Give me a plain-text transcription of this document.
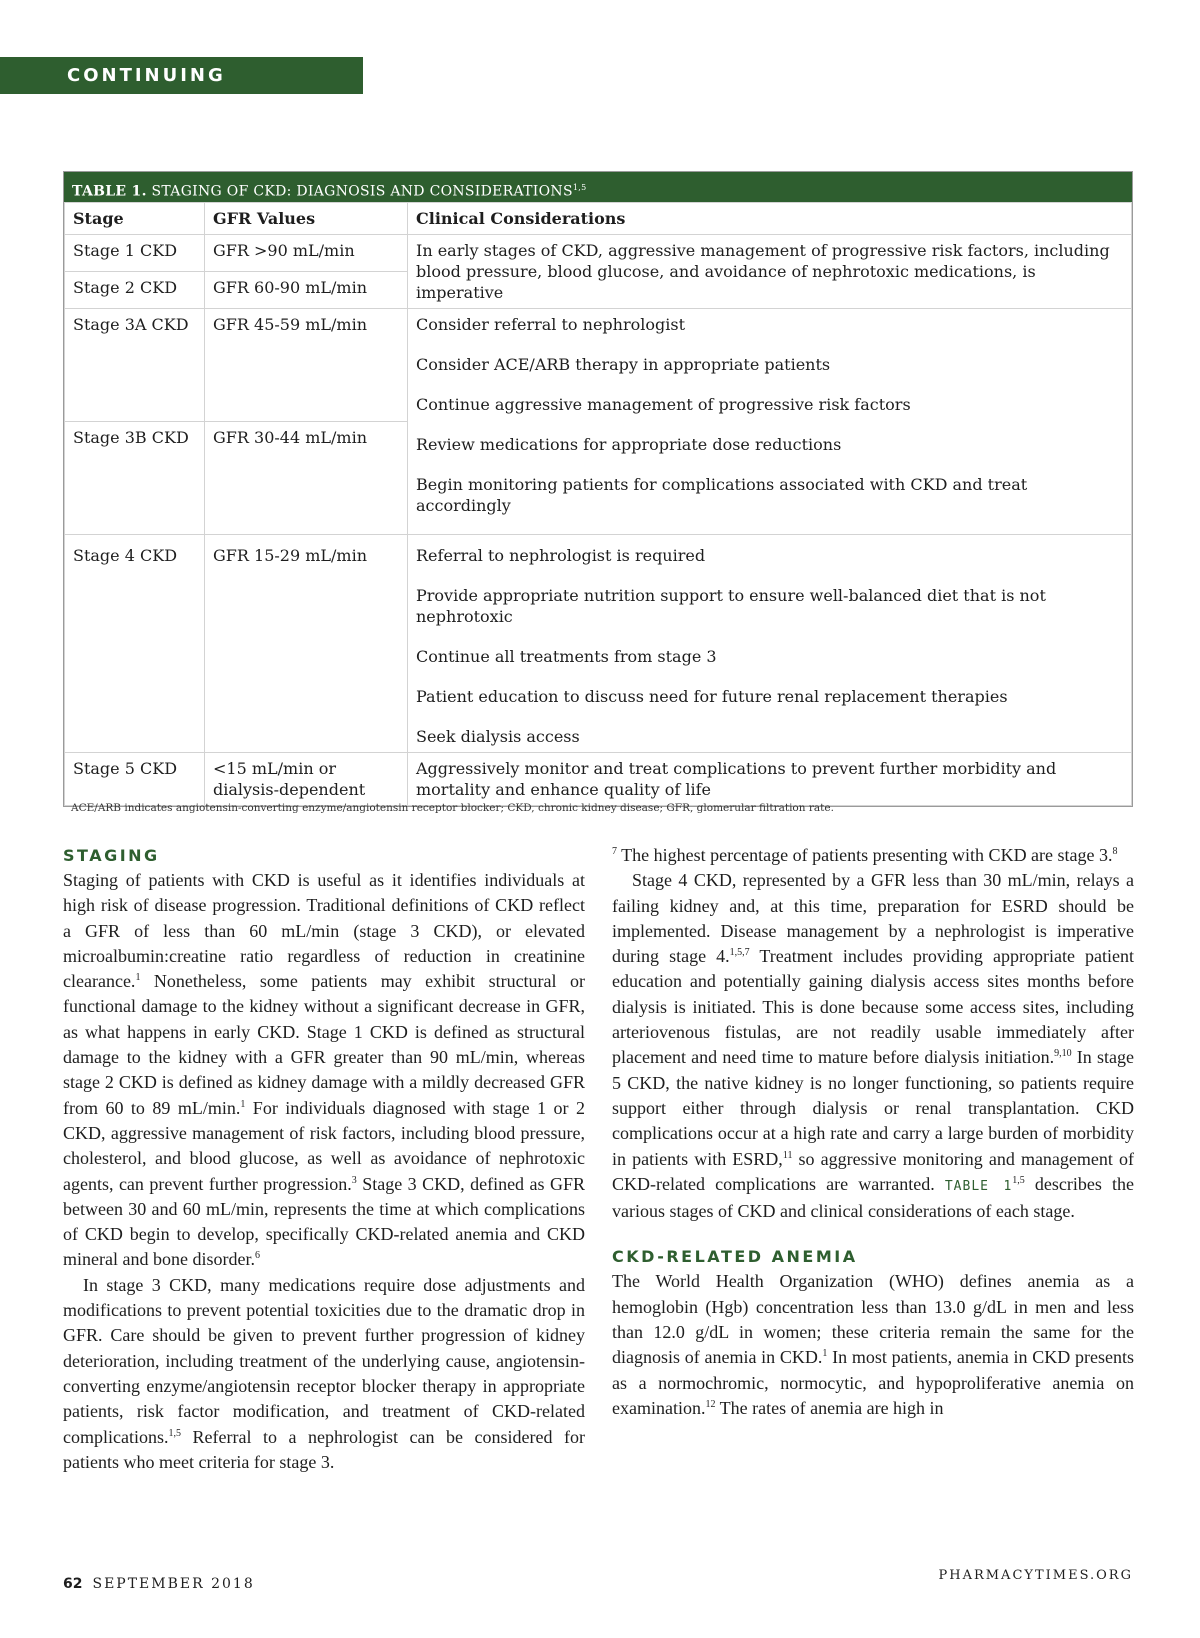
CONTINUING EDUCATION
TABLE 1. STAGING OF CKD: DIAGNOSIS AND CONSIDERATIONS$^{1,5}$
Stage	GFR Values	Clinical Considerations
Stage 1 CKD	GFR >90 mL/min	In early stages of CKD, aggressive management of progressive risk factors, including blood pressure, blood glucose, and avoidance of nephrotoxic medications, is imperative
Stage 2 CKD	GFR 60-90 mL/min	
Stage 3A CKD	GFR 45-59 mL/min	Consider referral to nephrologist
Consider ACE/ARB therapy in appropriate patients
Continue aggressive management of progressive risk factors
Review medications for appropriate dose reductions
Begin monitoring patients for complications associated with CKD and treat accordingly

Stage 3B CKD	GFR 30-44 mL/min	
Stage 4 CKD	GFR 15-29 mL/min	Referral to nephrologist is required
Provide appropriate nutrition support to ensure well-balanced diet that is not nephrotoxic
Continue all treatments from stage 3
Patient education to discuss need for future renal replacement therapies
Seek dialysis access

Stage 5 CKD	<15 mL/min or dialysis-dependent	Aggressively monitor and treat complications to prevent further morbidity and mortality and enhance quality of life
ACE/ARB indicates angiotensin-converting enzyme/angiotensin receptor blocker; CKD, chronic kidney disease; GFR, glomerular filtration rate.
STAGING

Staging of patients with CKD is useful as it identifies individuals at high risk of disease progression. Traditional definitions of CKD reflect a GFR of less than 60 mL/min (stage 3 CKD), or elevated microalbumin:creatine ratio regardless of reduction in creatinine clearance.$^1$ Nonetheless, some patients may exhibit structural or functional damage to the kidney without a significant decrease in GFR, as what happens in early CKD. Stage 1 CKD is defined as structural damage to the kidney with a GFR greater than 90 mL/min, whereas stage 2 CKD is defined as kidney damage with a mildly decreased GFR from 60 to 89 mL/min.$^1$ For individuals diagnosed with stage 1 or 2 CKD, aggressive management of risk factors, including blood pressure, cholesterol, and blood glucose, as well as avoidance of nephrotoxic agents, can prevent further progression.$^3$ Stage 3 CKD, defined as GFR between 30 and 60 mL/min, represents the time at which complications of CKD begin to develop, specifically CKD-related anemia and CKD mineral and bone disorder.$^6$

In stage 3 CKD, many medications require dose adjustments and modifications to prevent potential toxicities due to the dramatic drop in GFR. Care should be given to prevent further progression of kidney deterioration, including treatment of the underlying cause, angiotensin-converting enzyme/angiotensin receptor blocker therapy in appropriate patients, risk factor modification, and treatment of CKD-related complications.$^{1,5}$ Referral to a nephrologist can be considered for patients who meet criteria for stage 3.

$^7$ The highest percentage of patients presenting with CKD are stage 3.$^8$

Stage 4 CKD, represented by a GFR less than 30 mL/min, relays a failing kidney and, at this time, preparation for ESRD should be implemented. Disease management by a nephrologist is imperative during stage 4.$^{1,5,7}$ Treatment includes providing appropriate patient education and potentially gaining dialysis access sites months before dialysis is initiated. This is done because some access sites, including arteriovenous fistulas, are not readily usable immediately after placement and need time to mature before dialysis initiation.$^{9,10}$ In stage 5 CKD, the native kidney is no longer functioning, so patients require support either through dialysis or renal transplantation. CKD complications occur at a high rate and carry a large burden of morbidity in patients with ESRD,$^{11}$ so aggressive monitoring and management of CKD-related complications are warranted. TABLE 1$^{1,5}$ describes the various stages of CKD and clinical considerations of each stage.

CKD-RELATED ANEMIA

The World Health Organization (WHO) defines anemia as a hemoglobin (Hgb) concentration less than 13.0 g/dL in men and less than 12.0 g/dL in women; these criteria remain the same for the diagnosis of anemia in CKD.$^1$ In most patients, anemia in CKD presents as a normochromic, normocytic, and hypoproliferative anemia on examination.$^{12}$ The rates of anemia are high in

62 SEPTEMBER 2018
PHARMACYTIMES.ORG
